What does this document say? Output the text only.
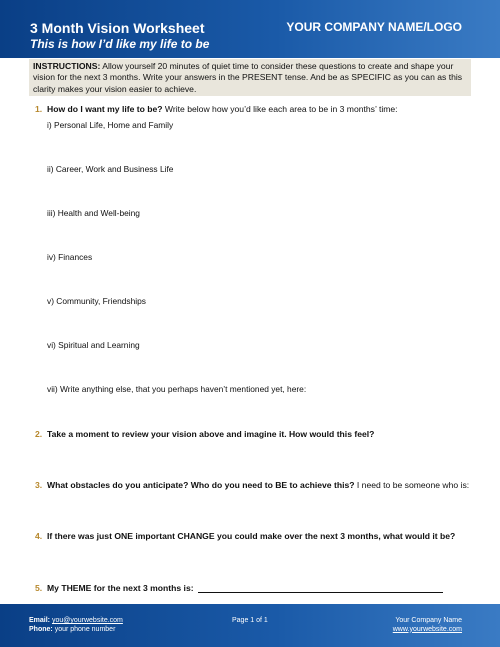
3 Month Vision Worksheet
This is how I’d like my life to be
YOUR COMPANY NAME/LOGO
INSTRUCTIONS: Allow yourself 20 minutes of quiet time to consider these questions to create and shape your vision for the next 3 months. Write your answers in the PRESENT tense. And be as SPECIFIC as you can as this clarity makes your vision easier to achieve.
1. How do I want my life to be? Write below how you’d like each area to be in 3 months’ time:
i) Personal Life, Home and Family
ii) Career, Work and Business Life
iii) Health and Well-being
iv) Finances
v) Community, Friendships
vi) Spiritual and Learning
vii) Write anything else, that you perhaps haven’t mentioned yet, here:
2. Take a moment to review your vision above and imagine it. How would this feel?
3. What obstacles do you anticipate? Who do you need to BE to achieve this? I need to be someone who is:
4. If there was just ONE important CHANGE you could make over the next 3 months, what would it be?
5. My THEME for the next 3 months is:
Email: you@yourwebsite.com
Phone: your phone number
Page 1 of 1	Your Company Name
www.yourwebsite.com
